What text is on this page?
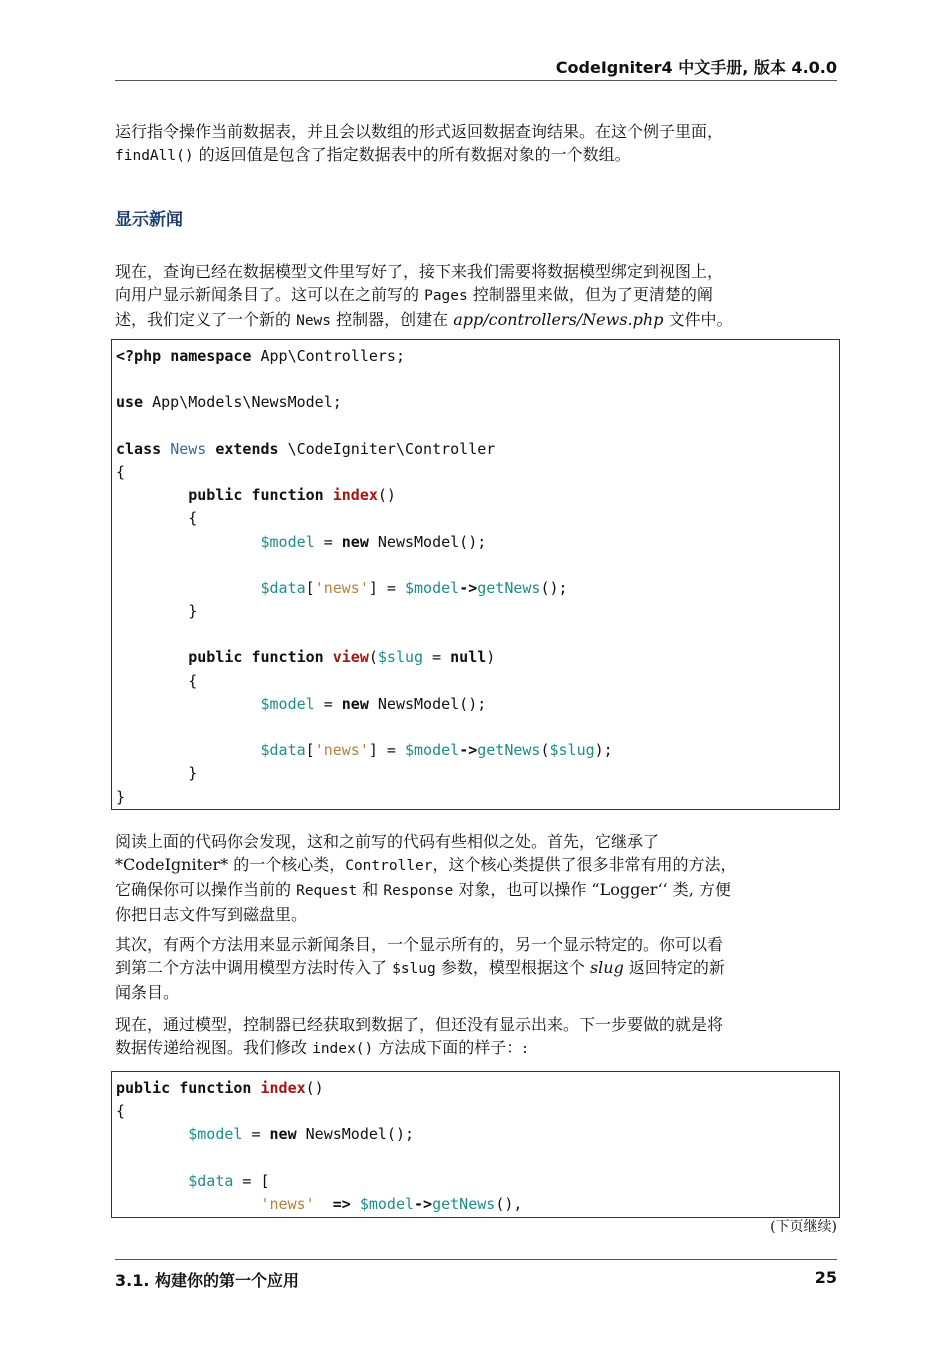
CodeIgniter4 中文手册, 版本 4.0.0

运行指令操作当前数据表，并且会以数组的形式返回数据查询结果。在这个例子里面，
findAll() 的返回值是包含了指定数据表中的所有数据对象的一个数组。

显示新闻

现在，查询已经在数据模型文件里写好了，接下来我们需要将数据模型绑定到视图上，
向用户显示新闻条目了。这可以在之前写的 Pages 控制器里来做，但为了更清楚的阐
述，我们定义了一个新的 News 控制器，创建在 app/controllers/News.php 文件中。

<?php namespace App\Controllers;

use App\Models\NewsModel;

class News extends \CodeIgniter\Controller
{
public function index()
{
$model = new NewsModel();

$data['news'] = $model->getNews();
}

public function view($slug = null)
{
$model = new NewsModel();

$data['news'] = $model->getNews($slug);
}
}

阅读上面的代码你会发现，这和之前写的代码有些相似之处。首先，它继承了
*CodeIgniter* 的一个核心类，Controller，这个核心类提供了很多非常有用的方法，
它确保你可以操作当前的 Request 和 Response 对象，也可以操作 “Logger‘‘ 类, 方便
你把日志文件写到磁盘里。

其次，有两个方法用来显示新闻条目，一个显示所有的，另一个显示特定的。你可以看
到第二个方法中调用模型方法时传入了 $slug 参数，模型根据这个 slug 返回特定的新
闻条目。

现在，通过模型，控制器已经获取到数据了，但还没有显示出来。下一步要做的就是将
数据传递给视图。我们修改 index() 方法成下面的样子：:

public function index()
{
$model = new NewsModel();

$data = [
'news' => $model->getNews(),
(下页继续)
3.1. 构建你的第一个应用	25
